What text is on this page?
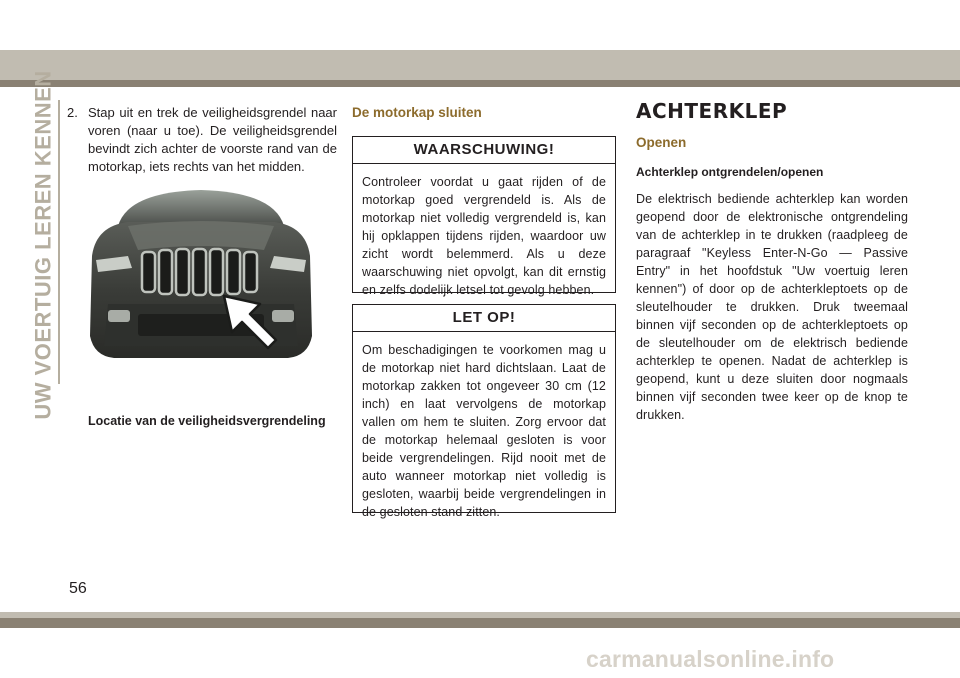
UW VOERTUIG LEREN KENNEN 2. Stap uit en trek de veiligheidsgrendel naar voren (naar u toe). De veiligheidsgrendel bevindt zich achter de voorste rand van de motorkap, iets rechts van het midden.
Locatie van de veiligheidsvergrendeling
De motorkap sluiten
WAARSCHUWING!
Controleer voordat u gaat rijden of de motorkap goed vergrendeld is. Als de motorkap niet volledig vergrendeld is, kan hij opklappen tijdens rijden, waardoor uw zicht wordt belemmerd. Als u deze waarschuwing niet opvolgt, kan dit ernstig en zelfs dodelijk letsel tot gevolg hebben.
LET OP!
Om beschadigingen te voorkomen mag u de motorkap niet hard dichtslaan. Laat de motorkap zakken tot ongeveer 30 cm (12 inch) en laat vervolgens de motorkap vallen om hem te sluiten. Zorg ervoor dat de motorkap helemaal gesloten is voor beide vergrendelingen. Rijd nooit met de auto wanneer motorkap niet volledig is gesloten, waarbij beide vergrendelingen in de gesloten stand zitten.
ACHTERKLEP
Openen
Achterklep ontgrendelen/openen

De elektrisch bediende achterklep kan worden geopend door de elektronische ontgrendeling van de achterklep in te drukken (raadpleeg de paragraaf "Keyless Enter-N-Go — Passive Entry" in het hoofdstuk "Uw voertuig leren kennen") of door op de achterkleptoets op de sleutelhouder te drukken. Druk tweemaal binnen vijf seconden op de achterkleptoets op de sleutelhouder om de elektrisch bediende achterklep te openen. Nadat de achterklep is geopend, kunt u deze sluiten door nogmaals binnen vijf seconden twee keer op de knop te drukken.

56
carmanualsonline.info
